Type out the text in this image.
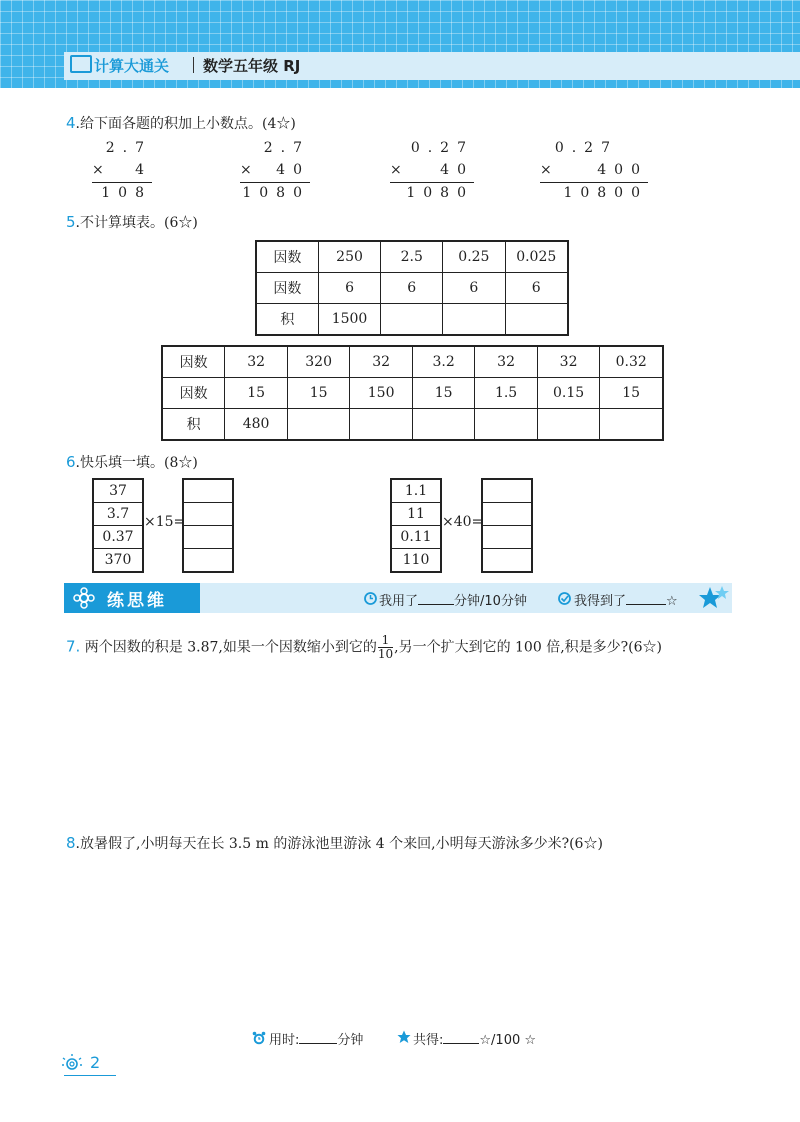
计算大通关 数学五年级 RJ
4.给下面各题的积加上小数点。(4☆)
2.7
× 4
108
2.7
× 40
1080
0.27
×	40
1080
0.27
×	400
10800
5.不计算填表。(6☆)
因数	250	2.5	0.25	0.025
因数	6	6	6	6
积	1500			
因数	32	320	32	3.2	32	32	0.32
因数	15	15	150	15	1.5	0.15	15
积	480						
6.快乐填一填。(8☆)
37
3.7
0.37
370
×15=
1.1
11
0.11
110
×40=
练思维	我用了	分钟/10分钟	我得到了	☆
7. 两个因数的积是 3.87,如果一个因数缩小到它的 $\frac{1}{10}$ ,另一个扩大到它的 100 倍,积是多少?(6☆)
8.放暑假了,小明每天在长 3.5 m 的游泳池里游泳 4 个来回,小明每天游泳多少米?(6☆)
用时:	分钟	共得:	☆/100 ☆
2
